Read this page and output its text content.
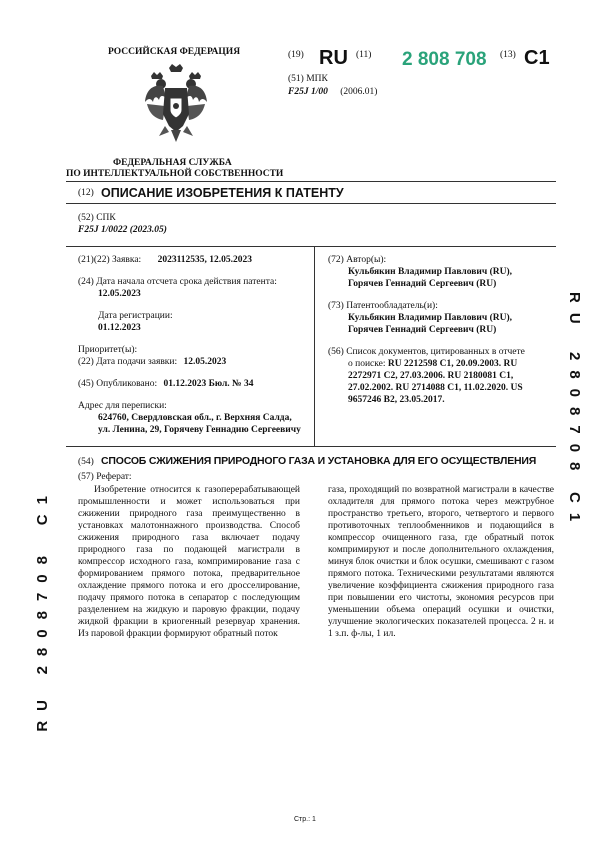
РОССИЙСКАЯ ФЕДЕРАЦИЯ
ФЕДЕРАЛЬНАЯ СЛУЖБА
ПО ИНТЕЛЛЕКТУАЛЬНОЙ СОБСТВЕННОСТИ
(19) RU (11) 2 808 708 (13) C1
(51) МПК
F25J 1/00 (2006.01)
(12) ОПИСАНИЕ ИЗОБРЕТЕНИЯ К ПАТЕНТУ
(52) СПК
F25J 1/0022 (2023.05)

(21)(22) Заявка: 2023112535, 12.05.2023

(24) Дата начала отсчета срока действия патента:

12.05.2023

Дата регистрации:

01.12.2023

Приоритет(ы):

(22) Дата подачи заявки: 12.05.2023

(45) Опубликовано: 01.12.2023 Бюл. № 34

Адрес для переписки:

624760, Свердловская обл., г. Верхняя Салда,

ул. Ленина, 29, Горячеву Геннадию Сергеевичу

(72) Автор(ы):

Кульбякин Владимир Павлович (RU),

Горячев Геннадий Сергеевич (RU)

(73) Патентообладатель(и):

Кульбякин Владимир Павлович (RU),

Горячев Геннадий Сергеевич (RU)

(56) Список документов, цитированных в отчете

о поиске: RU 2212598 C1, 20.09.2003. RU

2272971 C2, 27.03.2006. RU 2180081 C1,

27.02.2002. RU 2714088 C1, 11.02.2020. US

9657246 B2, 23.05.2017.

(54) СПОСОБ СЖИЖЕНИЯ ПРИРОДНОГО ГАЗА И УСТАНОВКА ДЛЯ ЕГО ОСУЩЕСТВЛЕНИЯ
(57) Реферат:
Изобретение относится к газоперерабатывающей промышленности и может использоваться при сжижении природного газа преимущественно в установках малотоннажного производства. Способ сжижения природного газа включает подачу природного газа по подающей магистрали в компрессор исходного газа, компримирование газа с формированием прямого потока, предварительное охлаждение прямого потока и его дросселирование, подачу прямого потока в сепаратор с последующим разделением на жидкую и паровую фракции, подачу жидкой фракции в криогенный резервуар хранения. Из паровой фракции формируют обратный поток
газа, проходящий по возвратной магистрали в качестве охладителя для прямого потока через межтрубное пространство третьего, второго, четвертого и первого противоточных теплообменников и подающийся в компрессор очищенного газа, где обратный поток компримируют и после дополнительного охлаждения, минуя блок очистки и блок осушки, смешивают с газом прямого потока. Техническими результатами являются увеличение коэффициента сжижения природного газа при повышении его чистоты, экономия ресурсов при уменьшении объема операций осушки и очистки, улучшение экологических показателей процесса. 2 н. и 1 з.п. ф-лы, 1 ил.
RU
2808708
C1
C1
2808708
RU
Стр.: 1
